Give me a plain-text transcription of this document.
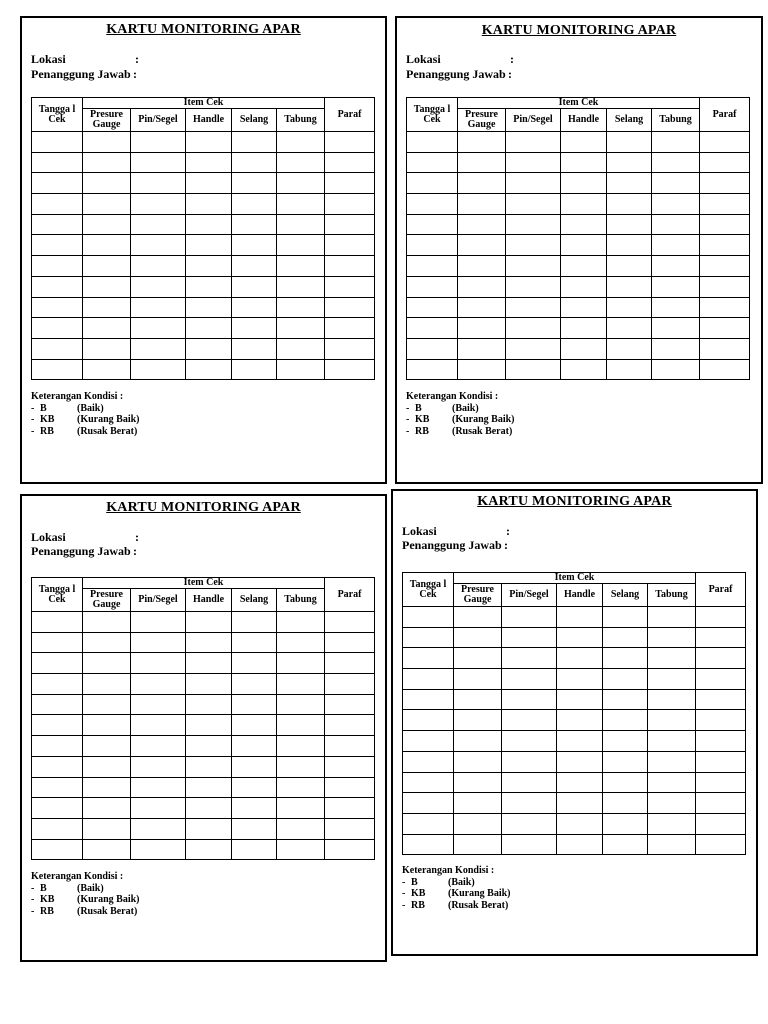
KARTU MONITORING APAR
Lokasi	:
Penanggung Jawab :
Tangga l Cek	Item Cek					Paraf
	Presure Gauge	Pin/Segel	Handle	Selang	Tabung	

Keterangan Kondisi :
- B	(Baik)
- KB (Kurang Baik)
- RB (Rusak Berat)
KARTU MONITORING APAR
Lokasi	:
Penanggung Jawab :
Tangga l Cek	Item Cek					Paraf
	Presure Gauge	Pin/Segel	Handle	Selang	Tabung	

Keterangan Kondisi :
- B	(Baik)
- KB (Kurang Baik)
- RB (Rusak Berat)
KARTU MONITORING APAR
Lokasi	:
Penanggung Jawab :
Tangga l Cek	Item Cek					Paraf
	Presure Gauge	Pin/Segel	Handle	Selang	Tabung	

Keterangan Kondisi :
- B	(Baik)
- KB (Kurang Baik)
- RB (Rusak Berat)
KARTU MONITORING APAR
Lokasi	:
Penanggung Jawab :
Tangga l Cek	Item Cek					Paraf
	Presure Gauge	Pin/Segel	Handle	Selang	Tabung	

Keterangan Kondisi :
- B	(Baik)
- KB (Kurang Baik)
- RB (Rusak Berat)
